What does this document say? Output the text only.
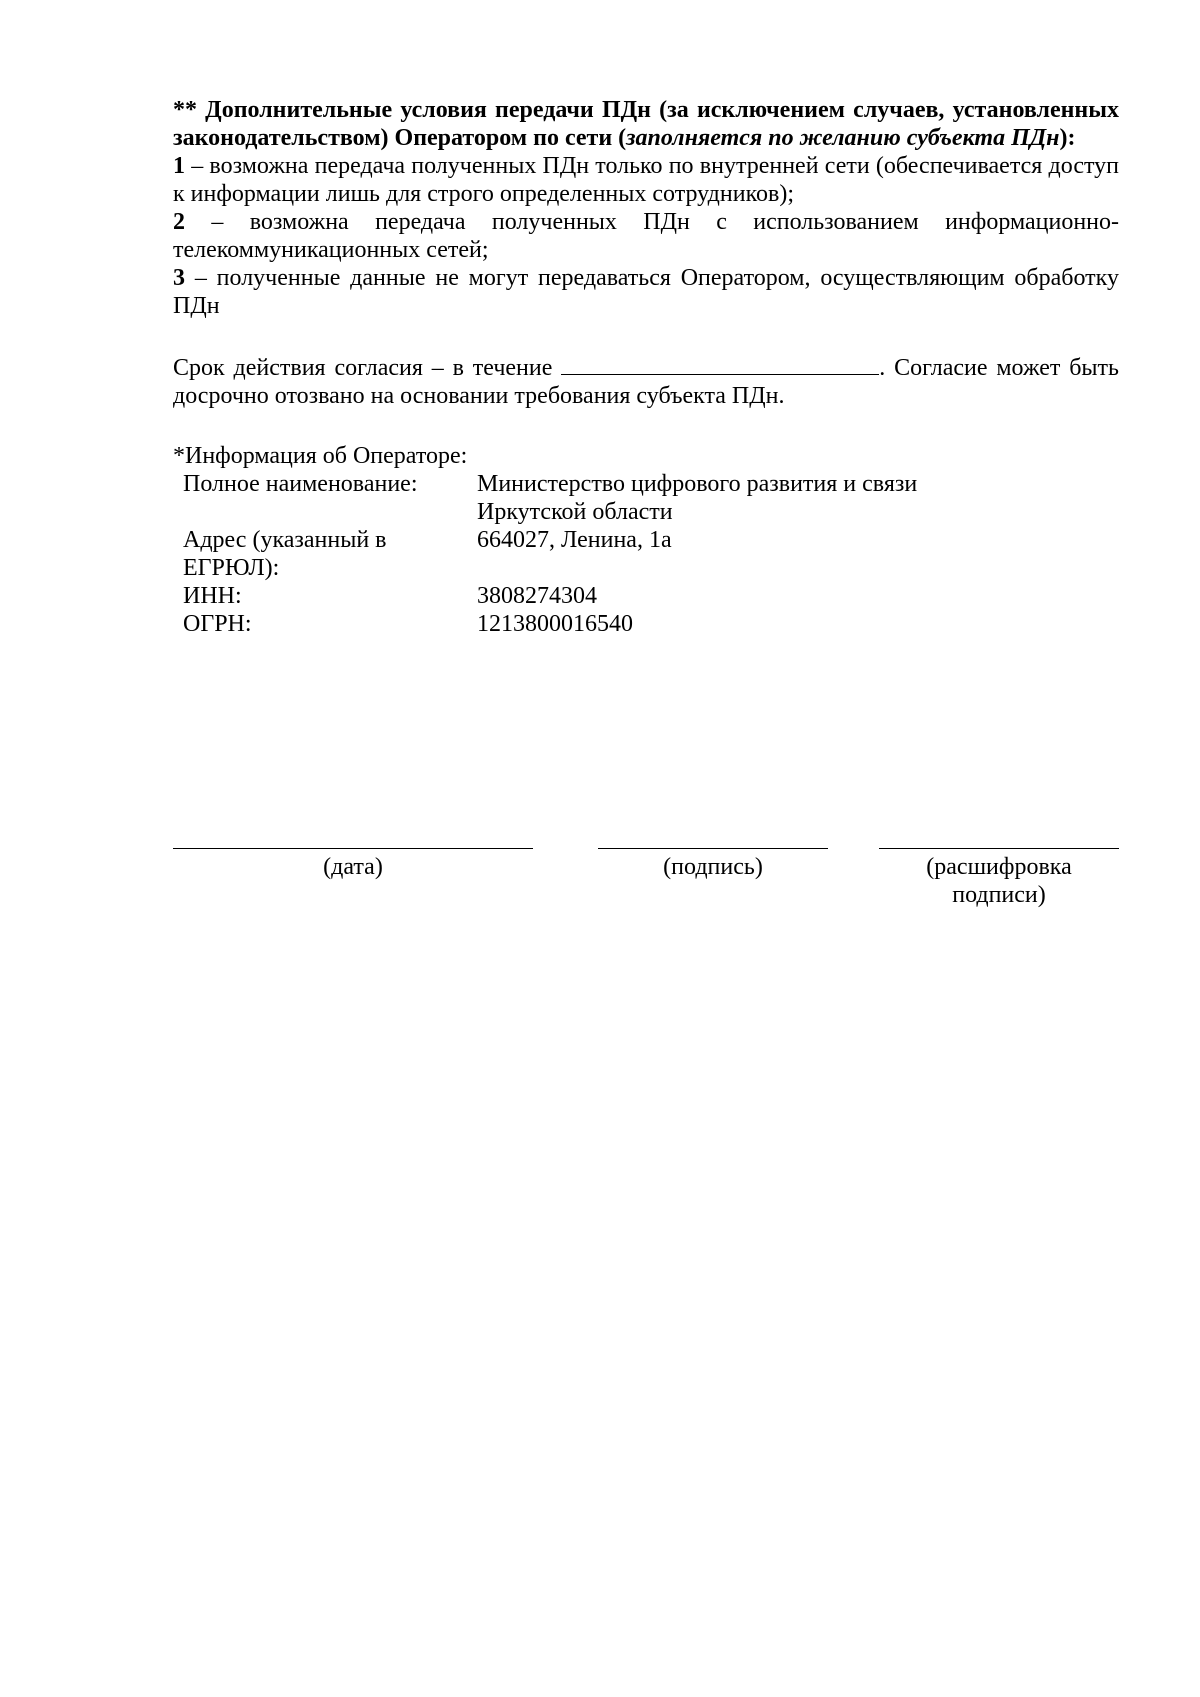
** Дополнительные условия передачи ПДн (за исключением случаев, установленных законодательством) Оператором по сети (заполняется по желанию субъекта ПДн):

1 – возможна передача полученных ПДн только по внутренней сети (обеспечивается доступ к информации лишь для строго определенных сотрудников);

2 – возможна передача полученных ПДн с использованием информационно-телекоммуникационных сетей;

3 – полученные данные не могут передаваться Оператором, осуществляющим обработку ПДн

Срок действия согласия – в течение	. Согласие может быть досрочно отозвано на основании требования субъекта ПДн.

*Информация об Операторе:

Полное наименование:	Министерство цифрового развития и связи Иркутской области
Адрес (указанный в ЕГРЮЛ):	664027, Ленина, 1а
ИНН:	3808274304
ОГРН:	1213800016540
(дата)	(подпись)	(расшифровка подписи)
